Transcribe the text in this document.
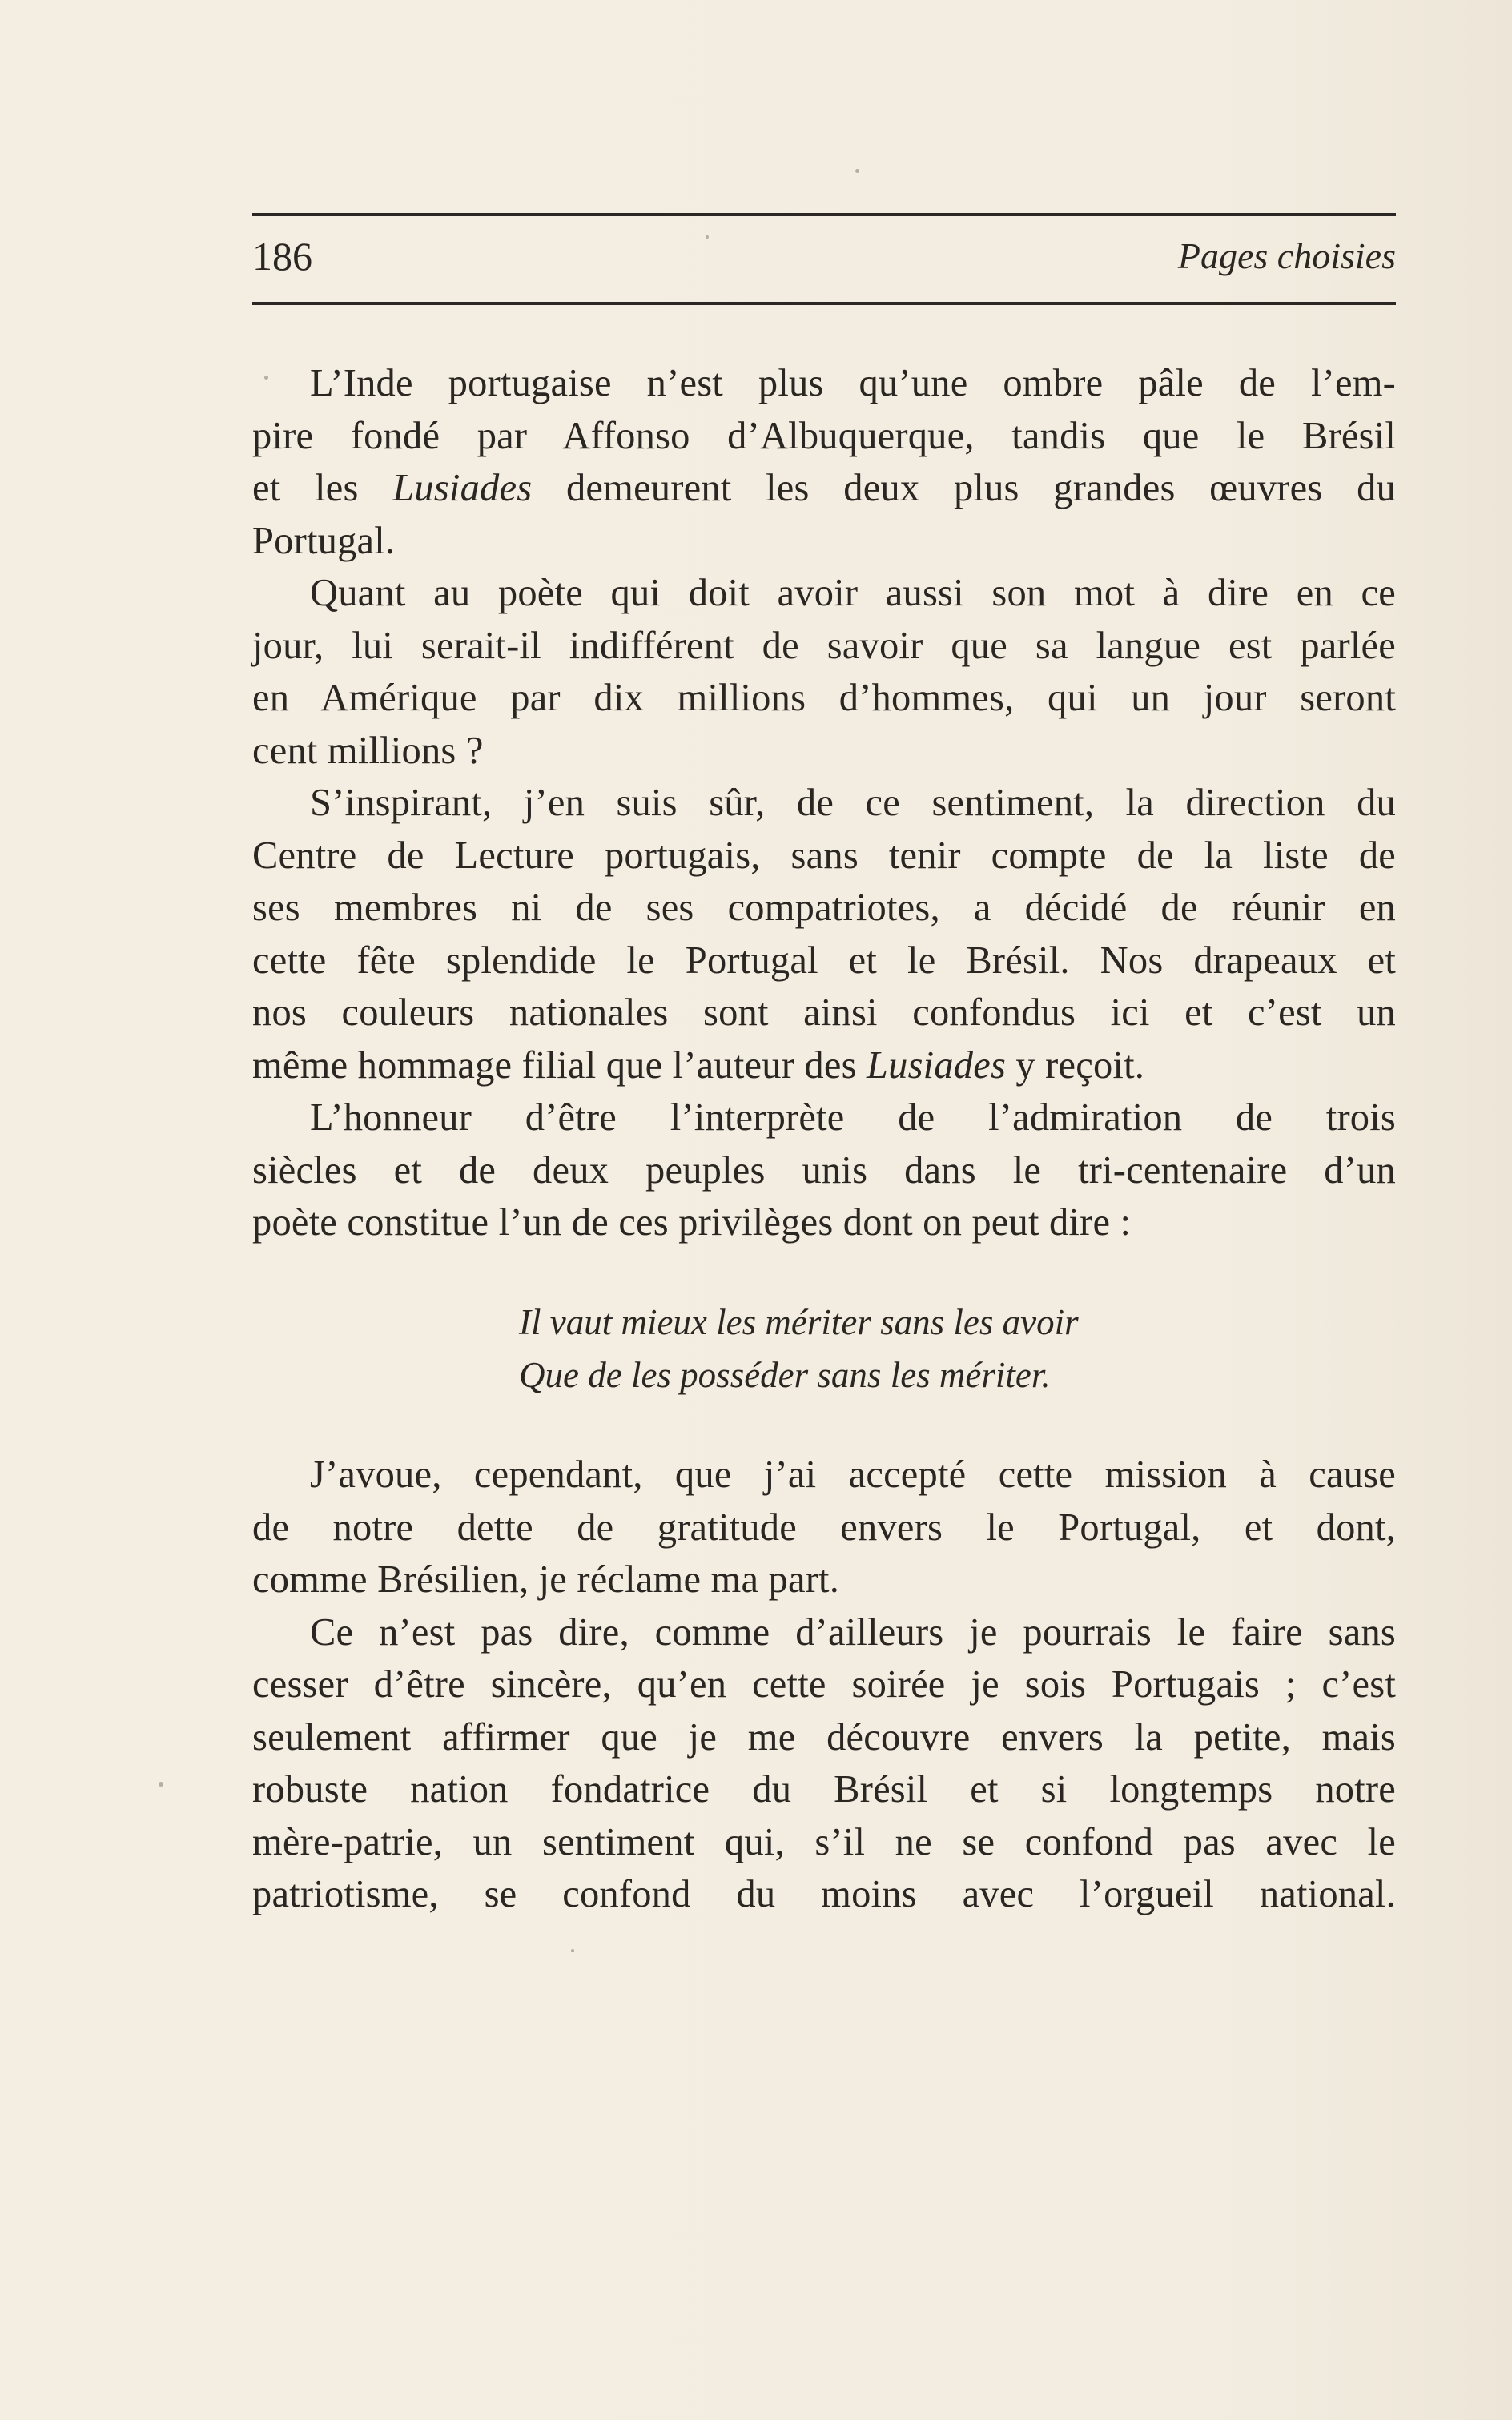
186	Pages choisies
L’Inde portugaise n’est plus qu’une ombre pâle de l’em-
pire fondé par Affonso d’Albuquerque, tandis que le Brésil
et les Lusiades demeurent les deux plus grandes œuvres du
Portugal.
Quant au poète qui doit avoir aussi son mot à dire en ce
jour, lui serait-il indifférent de savoir que sa langue est parlée
en Amérique par dix millions d’hommes, qui un jour seront
cent millions ?
S’inspirant, j’en suis sûr, de ce sentiment, la direction du
Centre de Lecture portugais, sans tenir compte de la liste de
ses membres ni de ses compatriotes, a décidé de réunir en
cette fête splendide le Portugal et le Brésil. Nos drapeaux et
nos couleurs nationales sont ainsi confondus ici et c’est un
même hommage filial que l’auteur des Lusiades y reçoit.
L’honneur d’être l’interprète de l’admiration de trois
siècles et de deux peuples unis dans le tri-centenaire d’un
poète constitue l’un de ces privilèges dont on peut dire :
Il vaut mieux les mériter sans les avoir
Que de les posséder sans les mériter.
J’avoue, cependant, que j’ai accepté cette mission à cause
de notre dette de gratitude envers le Portugal, et dont,
comme Brésilien, je réclame ma part.
Ce n’est pas dire, comme d’ailleurs je pourrais le faire sans
cesser d’être sincère, qu’en cette soirée je sois Portugais ; c’est
seulement affirmer que je me découvre envers la petite, mais
robuste nation fondatrice du Brésil et si longtemps notre
mère-patrie, un sentiment qui, s’il ne se confond pas avec le
patriotisme, se confond du moins avec l’orgueil national.
